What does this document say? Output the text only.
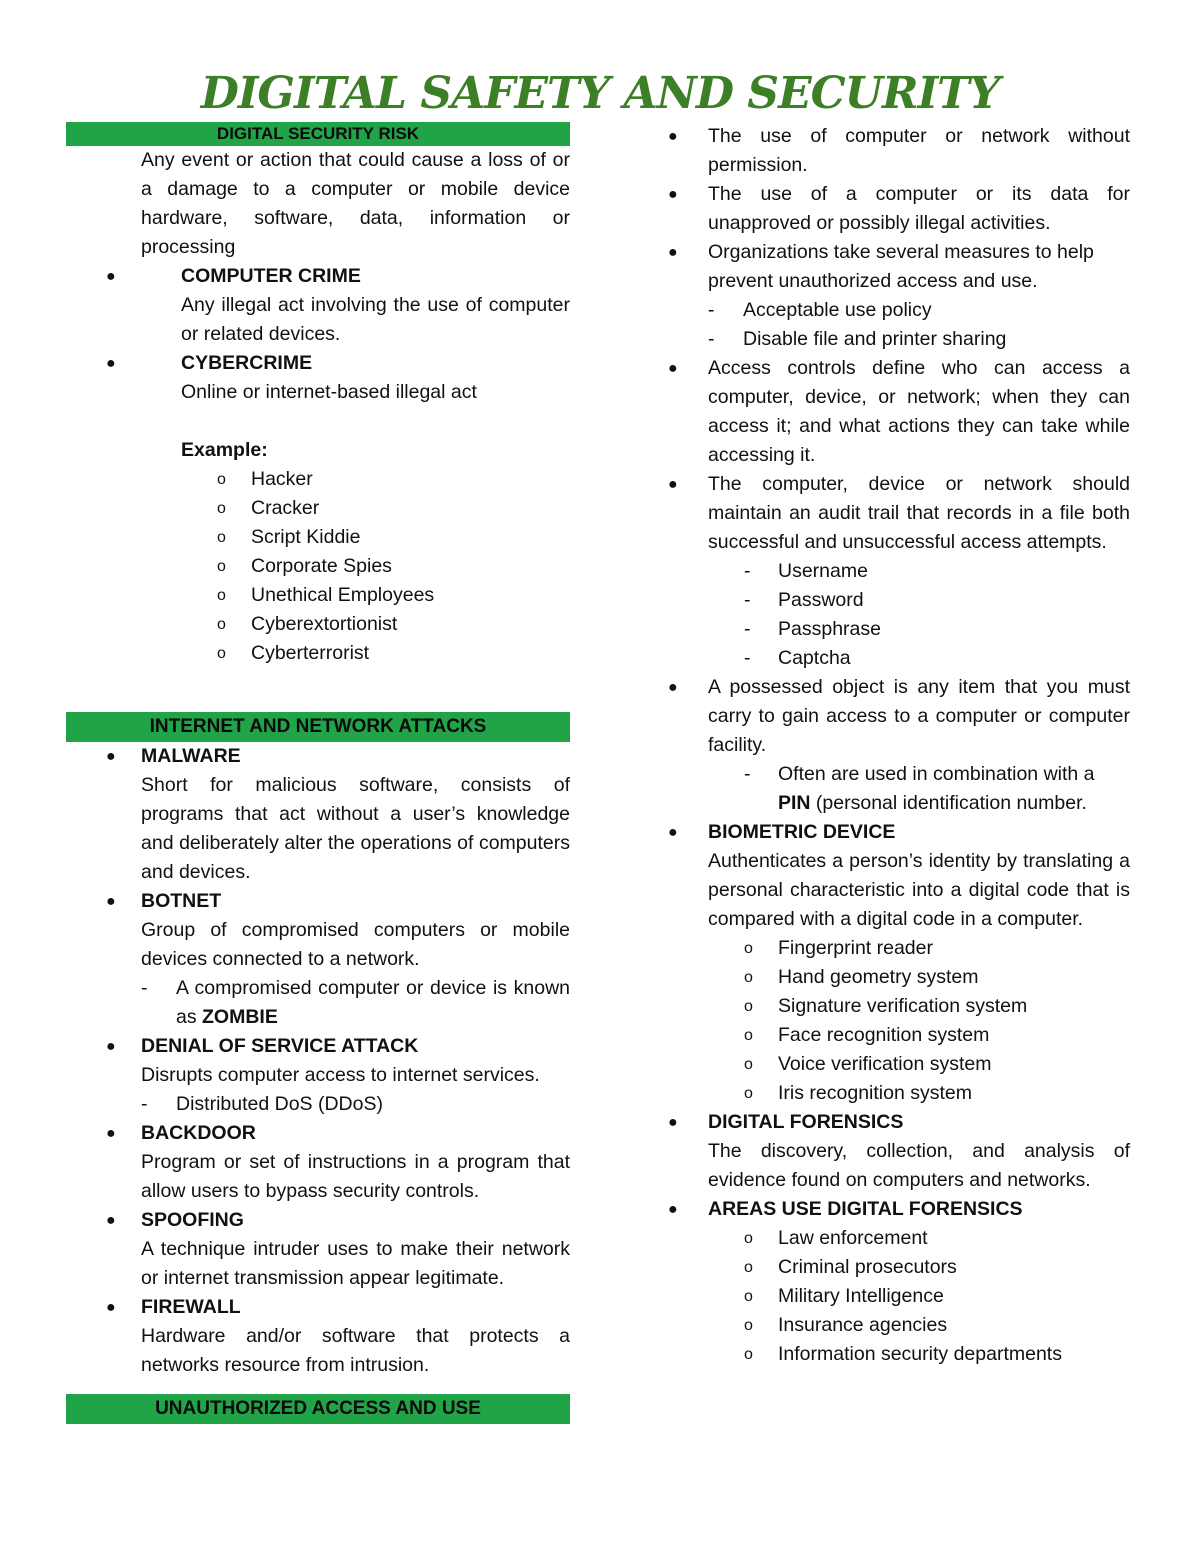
DIGITAL SAFETY AND SECURITY
DIGITAL SECURITY RISK
Any event or action that could cause a loss of or a damage to a computer or mobile device hardware, software, data, information or processing
●	COMPUTER CRIME

Any illegal act involving the use of computer or related devices.

●	CYBERCRIME

Online or internet-based illegal act

Example:

o Hacker
o Cracker
o Script Kiddie
o Corporate Spies
o Unethical Employees
o Cyberextortionist
o Cyberterrorist
INTERNET AND NETWORK ATTACKS
●	MALWARE

Short for malicious software, consists of programs that act without a user’s knowledge and deliberately alter the operations of computers and devices.

●	BOTNET

Group of compromised computers or mobile devices connected to a network.

- A compromised computer or device is known as ZOMBIE
●	DENIAL OF SERVICE ATTACK

Disrupts computer access to internet services.

- Distributed DoS (DDoS)
●	BACKDOOR

Program or set of instructions in a program that allow users to bypass security controls.

●	SPOOFING

A technique intruder uses to make their network or internet transmission appear legitimate.

●	FIREWALL

Hardware and/or software that protects a networks resource from intrusion.

UNAUTHORIZED ACCESS AND USE
●	The use of computer or network without permission.

●	The use of a computer or its data for unapproved or possibly illegal activities.

●	Organizations take several measures to help prevent unauthorized access and use.

- Acceptable use policy
- Disable file and printer sharing
●	Access controls define who can access a computer, device, or network; when they can access it; and what actions they can take while accessing it.

●	The computer, device or network should maintain an audit trail that records in a file both successful and unsuccessful access attempts.

- Username
- Password
- Passphrase
- Captcha
●	A possessed object is any item that you must carry to gain access to a computer or computer facility.

- Often are used in combination with a PIN (personal identification number.
●	BIOMETRIC DEVICE

Authenticates a person’s identity by translating a personal characteristic into a digital code that is compared with a digital code in a computer.

o Fingerprint reader
o Hand geometry system
o Signature verification system
o Face recognition system
o Voice verification system
o Iris recognition system
●	DIGITAL FORENSICS

The discovery, collection, and analysis of evidence found on computers and networks.

●	AREAS USE DIGITAL FORENSICS

o Law enforcement
o Criminal prosecutors
o Military Intelligence
o Insurance agencies
o Information security departments
